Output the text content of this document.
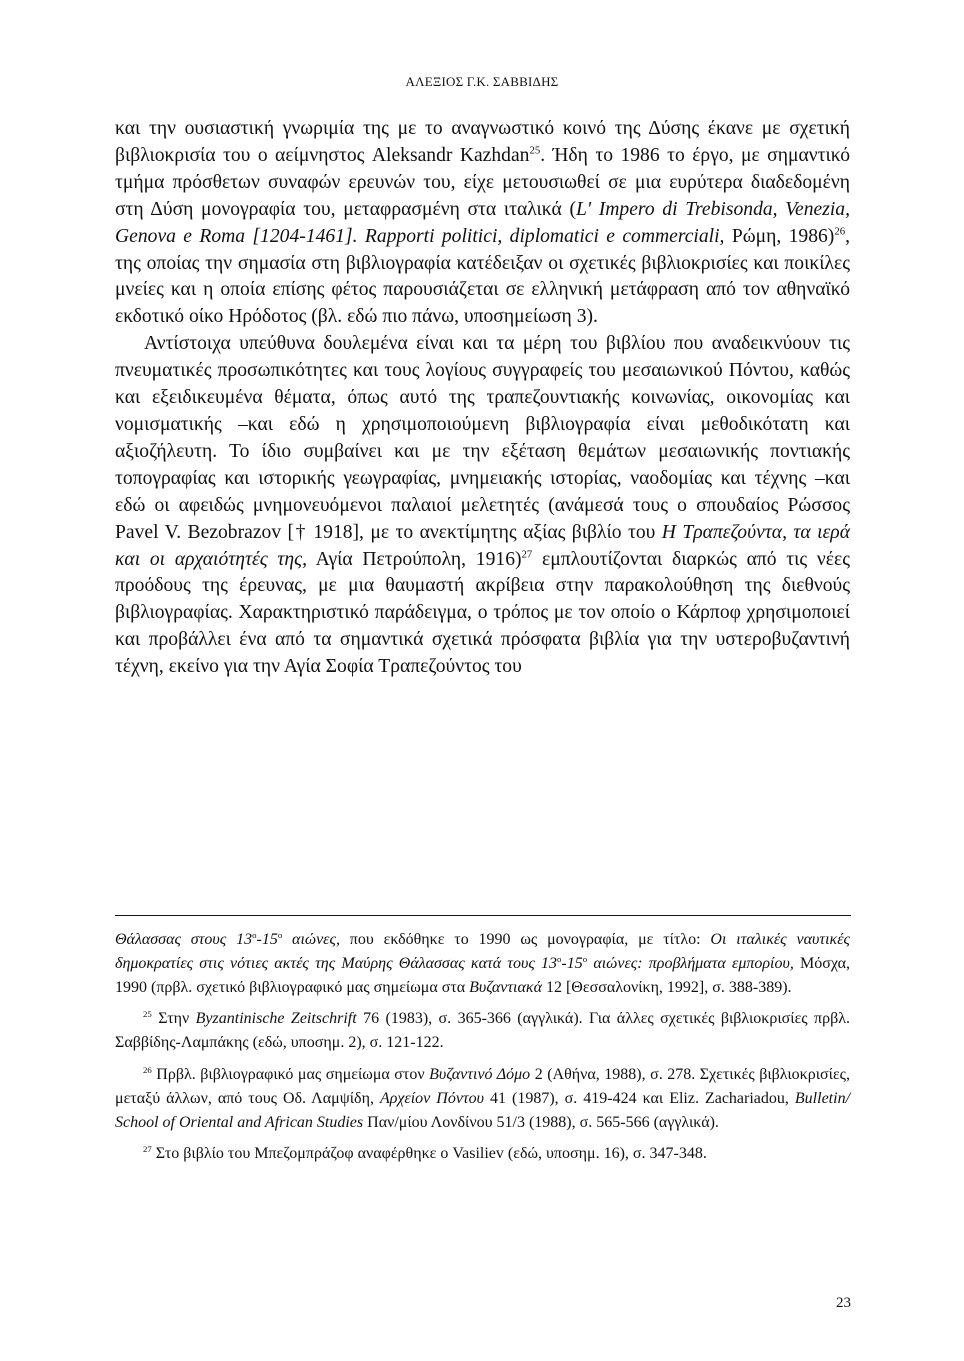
ΑΛΕΞΙΟΣ Γ.Κ. ΣΑΒΒΙΔΗΣ

και την ουσιαστική γνωριμία της με το αναγνωστικό κοινό της Δύσης έκανε με σχετική βιβλιοκρισία του ο αείμνηστος Aleksandr Kazhdan$^{25}$. Ήδη το 1986 το έργο, με σημαντικό τμήμα πρόσθετων συναφών ερευνών του, είχε μετουσιωθεί σε μια ευρύτερα διαδεδομένη στη Δύση μονογραφία του, μεταφρασμένη στα ιταλικά (L' Impero di Trebisonda, Venezia, Genova e Roma [1204-1461]. Rapporti politici, diplomatici e commerciali, Ρώμη, 1986)$^{26}$, της οποίας την σημασία στη βιβλιογραφία κατέδειξαν οι σχετικές βιβλιοκρισίες και ποικίλες μνείες και η οποία επίσης φέτος παρουσιάζεται σε ελληνική μετάφραση από τον αθηναϊκό εκδοτικό οίκο Ηρόδοτος (βλ. εδώ πιο πάνω, υποσημείωση 3).

Αντίστοιχα υπεύθυνα δουλεμένα είναι και τα μέρη του βιβλίου που αναδεικνύουν τις πνευματικές προσωπικότητες και τους λογίους συγγραφείς του μεσαιωνικού Πόντου, καθώς και εξειδικευμένα θέματα, όπως αυτό της τραπεζουντιακής κοινωνίας, οικονομίας και νομισματικής –και εδώ η χρησιμοποιούμενη βιβλιογραφία είναι μεθοδικότατη και αξιοζήλευτη. Το ίδιο συμβαίνει και με την εξέταση θεμάτων μεσαιωνικής ποντιακής τοπογραφίας και ιστορικής γεωγραφίας, μνημειακής ιστορίας, ναοδομίας και τέχνης –και εδώ οι αφειδώς μνημονευόμενοι παλαιοί μελετητές (ανάμεσά τους ο σπουδαίος Ρώσσος Pavel V. Bezobrazov [† 1918], με το ανεκτίμητης αξίας βιβλίο του Η Τραπεζούντα, τα ιερά και οι αρχαιότητές της, Αγία Πετρούπολη, 1916)$^{27}$ εμπλουτίζονται διαρκώς από τις νέες προόδους της έρευνας, με μια θαυμαστή ακρίβεια στην παρακολούθηση της διεθνούς βιβλιογραφίας. Χαρακτηριστικό παράδειγμα, ο τρόπος με τον οποίο ο Κάρποφ χρησιμοποιεί και προβάλλει ένα από τα σημαντικά σχετικά πρόσφατα βιβλία για την υστεροβυζαντινή τέχνη, εκείνο για την Αγία Σοφία Τραπεζούντος του

Θάλασσας στους $13^o-15^o$ αιώνες, που εκδόθηκε το 1990 ως μονογραφία, με τίτλο: Οι ιταλικές ναυτικές δημοκρατίες στις νότιες ακτές της Μαύρης Θάλασσας κατά τους $13^o-15^o$ αιώνες: προβλήματα εμπορίου, Μόσχα, 1990 (πρβλ. σχετικό βιβλιογραφικό μας σημείωμα στα Βυζαντιακά 12 [Θεσσαλονίκη, 1992], σ. 388-389).

$^{25}$ Στην Byzantinische Zeitschrift 76 (1983), σ. 365-366 (αγγλικά). Για άλλες σχετικές βιβλιοκρισίες πρβλ. Σαββίδης-Λαμπάκης (εδώ, υποσημ. 2), σ. 121-122.

$^{26}$ Πρβλ. βιβλιογραφικό μας σημείωμα στον Βυζαντινό Δόμο 2 (Αθήνα, 1988), σ. 278. Σχετικές βιβλιοκρισίες, μεταξύ άλλων, από τους Οδ. Λαμψίδη, Αρχείον Πόντου 41 (1987), σ. 419-424 και Eliz. Zachariadou, Bulletin/ School of Oriental and African Studies Παν/μίου Λονδίνου 51/3 (1988), σ. 565-566 (αγγλικά).

$^{27}$ Στο βιβλίο του Μπεζομπράζοφ αναφέρθηκε ο Vasiliev (εδώ, υποσημ. 16), σ. 347-348.

23
